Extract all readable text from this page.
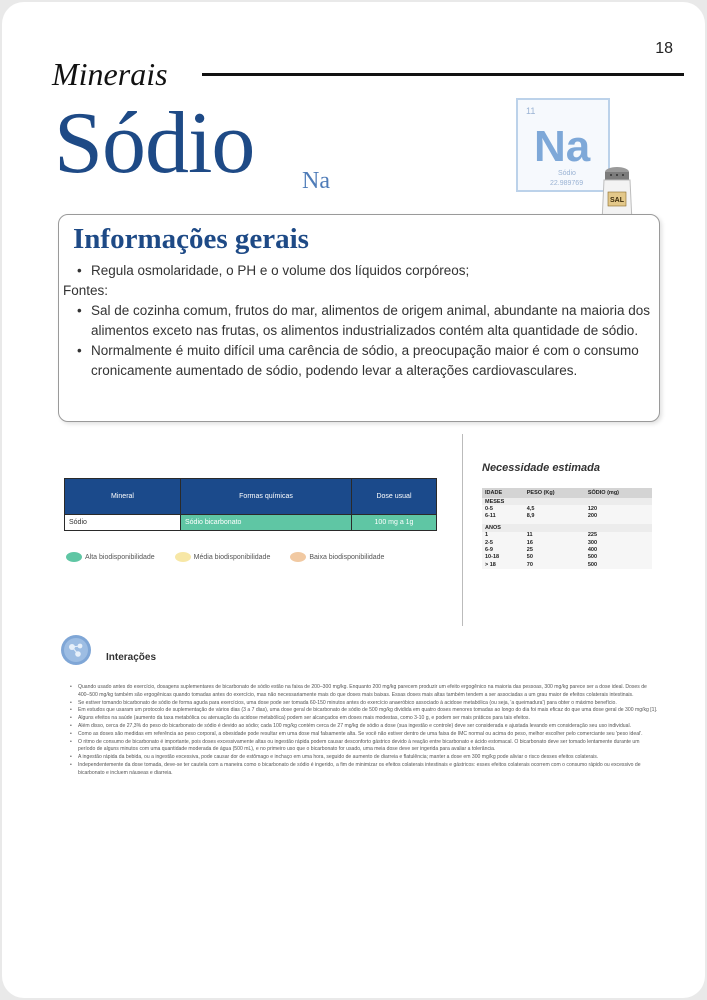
18
Minerais
Sódio Na
11
Na
Sódio
22.989769
SAL
Informações gerais
• Regula osmolaridade, o PH e o volume dos líquidos corpóreos;
Fontes:
• Sal de cozinha comum, frutos do mar, alimentos de origem animal, abundante na maioria dos alimentos exceto nas frutas, os alimentos industrializados contém alta quantidade de sódio.
• Normalmente é muito difícil uma carência de sódio, a preocupação maior é com o consumo cronicamente aumentado de sódio, podendo levar a alterações cardiovasculares.
Mineral	Formas químicas	Dose usual
Sódio	Sódio bicarbonato	100 mg a 1g
Alta biodisponibilidade	Média biodisponibilidade	Baixa biodisponibilidade
Necessidade estimada
IDADE	PESO (Kg)	SÓDIO (mg)
MESES		
0-5	4,5	120
6-11	8,9	200

ANOS		
1	11	225
2-5	16	300
6-9	25	400
10-18	50	500
> 18	70	500
Interações
• Quando usado antes do exercício, dosagens suplementares de bicarbonato de sódio estão na faixa de 200–300 mg/kg. Enquanto 200 mg/kg parecem produzir um efeito ergogênico na maioria das pessoas, 300 mg/kg parece ser a dose ideal. Doses de 400–500 mg/kg também são ergogênicas quando tomadas antes do exercício, mas não necessariamente mais do que doses mais baixas. Essas doses mais altas também tendem a ser associadas a um grau maior de efeitos colaterais intestinais.
• Se estiver tomando bicarbonato de sódio de forma aguda para exercícios, uma dose pode ser tomada 60-150 minutos antes do exercício anaeróbico associado à acidose metabólica (ou seja, 'a queimadura') para obter o máximo benefício.
• Em estudos que usaram um protocolo de suplementação de vários dias (3 a 7 dias), uma dose geral de bicarbonato de sódio de 500 mg/kg dividida em quatro doses menores tomadas ao longo do dia foi mais eficaz do que uma dose geral de 300 mg/kg [1].
• Alguns efeitos na saúde (aumento da taxa metabólica ou atenuação da acidose metabólica) podem ser alcançados em doses mais modestas, como 3-10 g, e podem ser mais práticos para tais efeitos.
• Além disso, cerca de 27,3% do peso do bicarbonato de sódio é devido ao sódio; cada 100 mg/kg contém cerca de 27 mg/kg de sódio a dose (sua ingestão e controle) deve ser considerada e ajustada levando em consideração seu uso individual.
• Como as doses são medidas em referência ao peso corporal, a obesidade pode resultar em uma dose mal falsamente alta. Se você não estiver dentro de uma faixa de IMC normal ou acima do peso, melhor escolher pelo comerciante seu 'peso ideal'.
• O ritmo de consumo de bicarbonato é importante, pois doses excessivamente altas ou ingestão rápida podem causar desconforto gástrico devido à reação entre bicarbonato e ácido estomacal. O bicarbonato deve ser tomado lentamente durante um período de alguns minutos com uma quantidade moderada de água (500 mL), e no primeiro uso que o bicarbonato for usado, uma meia dose deve ser ingerida para avaliar a tolerância.
• A ingestão rápida da bebida, ou a ingestão excessiva, pode causar dor de estômago e inchaço em uma hora, seguido de aumento de diarreia e flatulência; manter a dose em 300 mg/kg pode aliviar o risco desses efeitos colaterais.
• Independentemente da dose tomada, deve-se ter cautela com a maneira como o bicarbonato de sódio é ingerido, a fim de minimizar os efeitos colaterais intestinais e gástricos: esses efeitos colaterais ocorrem com o consumo rápido ou excessivo de bicarbonato e incluem náuseas e diarreia.
